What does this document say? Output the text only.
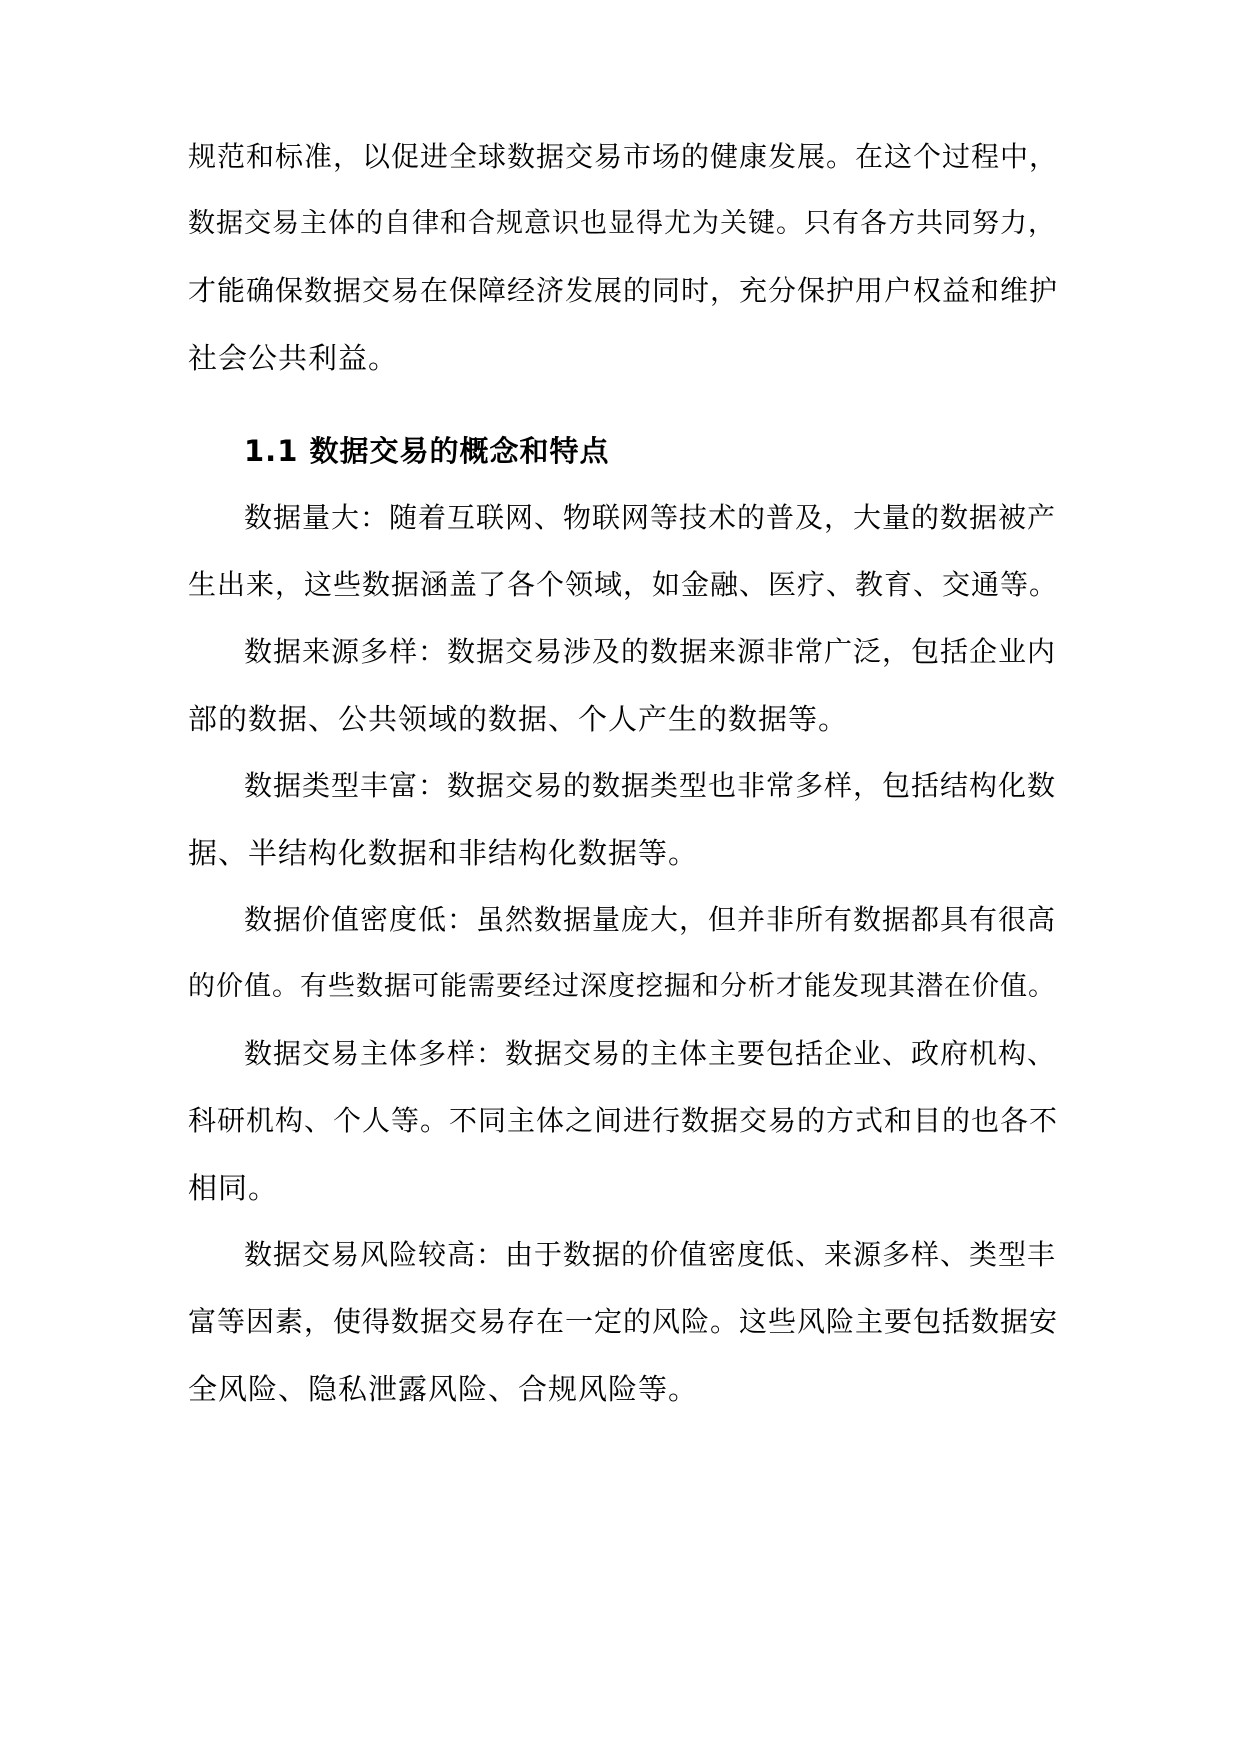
规范和标准，以促进全球数据交易市场的健康发展。在这个过程中，
数据交易主体的自律和合规意识也显得尤为关键。只有各方共同努力，
才能确保数据交易在保障经济发展的同时，充分保护用户权益和维护
社会公共利益。
1.1 数据交易的概念和特点
数据量大：随着互联网、物联网等技术的普及，大量的数据被产
生出来，这些数据涵盖了各个领域，如金融、医疗、教育、交通等。
数据来源多样：数据交易涉及的数据来源非常广泛，包括企业内
部的数据、公共领域的数据、个人产生的数据等。
数据类型丰富：数据交易的数据类型也非常多样，包括结构化数
据、半结构化数据和非结构化数据等。
数据价值密度低：虽然数据量庞大，但并非所有数据都具有很高
的价值。有些数据可能需要经过深度挖掘和分析才能发现其潜在价值。
数据交易主体多样：数据交易的主体主要包括企业、政府机构、
科研机构、个人等。不同主体之间进行数据交易的方式和目的也各不
相同。
数据交易风险较高：由于数据的价值密度低、来源多样、类型丰
富等因素，使得数据交易存在一定的风险。这些风险主要包括数据安
全风险、隐私泄露风险、合规风险等。
